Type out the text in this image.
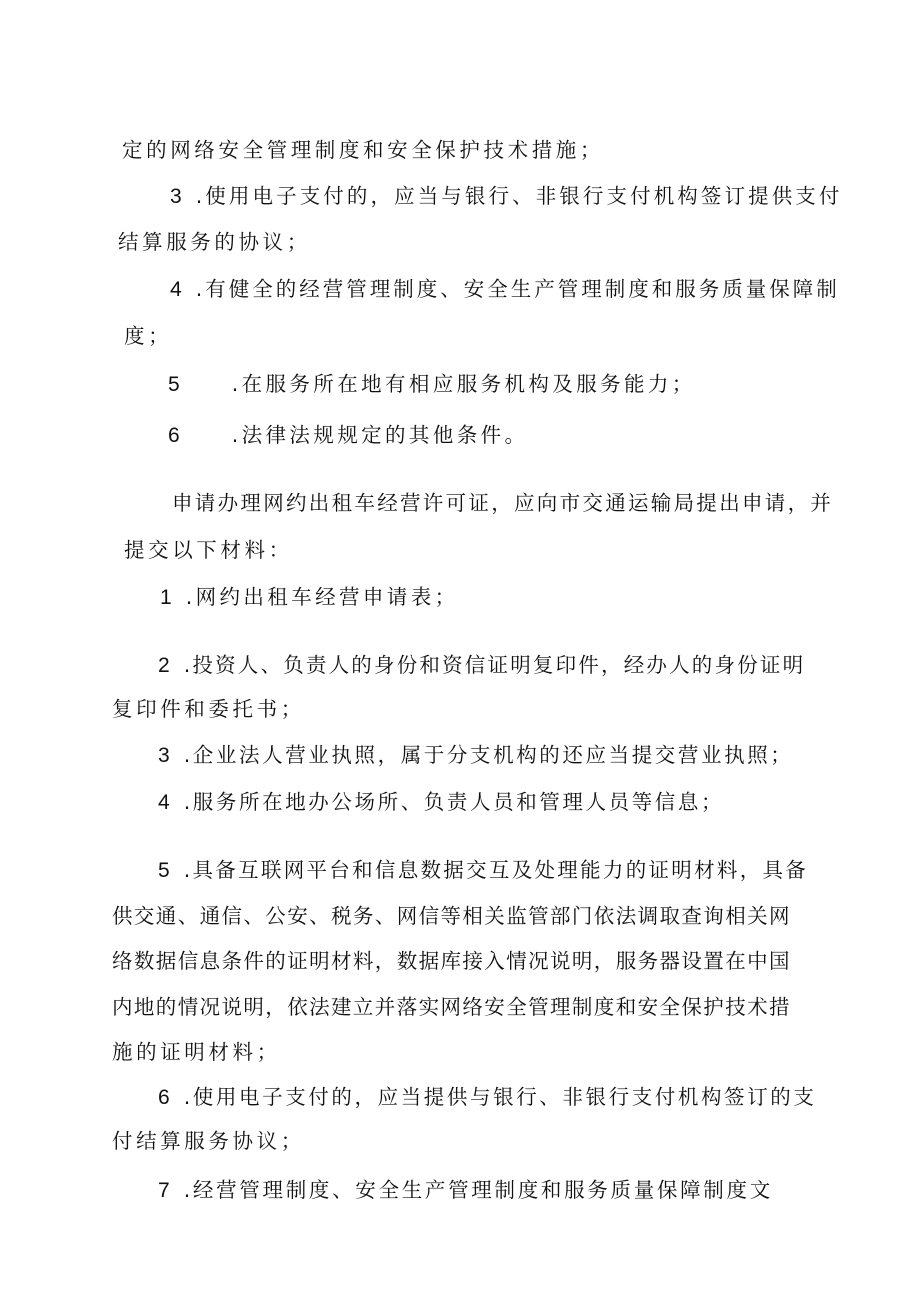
定的网络安全管理制度和安全保护技术措施；
3 .使用电子支付的，应当与银行、非银行支付机构签订提供支付
结算服务的协议；
4 .有健全的经营管理制度、安全生产管理制度和服务质量保障制
度；
5	.在服务所在地有相应服务机构及服务能力；
6	.法律法规规定的其他条件。
申请办理网约出租车经营许可证，应向市交通运输局提出申请，并
提交以下材料：
1 .网约出租车经营申请表；
2 .投资人、负责人的身份和资信证明复印件，经办人的身份证明
复印件和委托书；
3 .企业法人营业执照，属于分支机构的还应当提交营业执照；
4 .服务所在地办公场所、负责人员和管理人员等信息；
5 .具备互联网平台和信息数据交互及处理能力的证明材料，具备
供交通、通信、公安、税务、网信等相关监管部门依法调取查询相关网
络数据信息条件的证明材料，数据库接入情况说明，服务器设置在中国
内地的情况说明，依法建立并落实网络安全管理制度和安全保护技术措
施的证明材料；
6 .使用电子支付的，应当提供与银行、非银行支付机构签订的支
付结算服务协议；
7 .经营管理制度、安全生产管理制度和服务质量保障制度文
